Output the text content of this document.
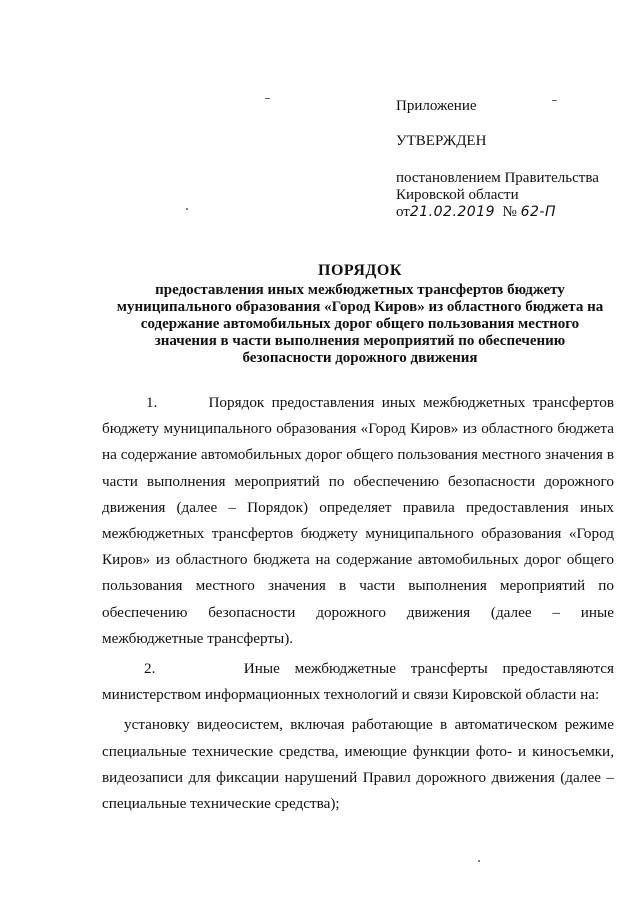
Приложение
УТВЕРЖДЕН
постановлением Правительства
Кировской области
от21.02.2019 № 62-П
ПОРЯДОК
предоставления иных межбюджетных трансфертов бюджету
муниципального образования «Город Киров» из областного бюджета на
содержание автомобильных дорог общего пользования местного
значения в части выполнения мероприятий по обеспечению
безопасности дорожного движения

1.       Порядок предоставления иных межбюджетных трансфертов бюджету муниципального образования «Город Киров» из областного бюджета на содержание автомобильных дорог общего пользования местного значения в части выполнения мероприятий по обеспечению безопасности дорожного движения (далее – Порядок) определяет правила предоставления иных межбюджетных трансфертов бюджету муниципального образования «Город Киров» из областного бюджета на содержание автомобильных дорог общего пользования местного значения в части выполнения мероприятий по обеспечению безопасности дорожного движения (далее – иные межбюджетные трансферты).

2.      Иные межбюджетные трансферты предоставляются министерством информационных технологий и связи Кировской области на:

установку видеосистем, включая работающие в автоматическом режиме специальные технические средства, имеющие функции фото- и киносъемки, видеозаписи для фиксации нарушений Правил дорожного движения (далее – специальные технические средства);
